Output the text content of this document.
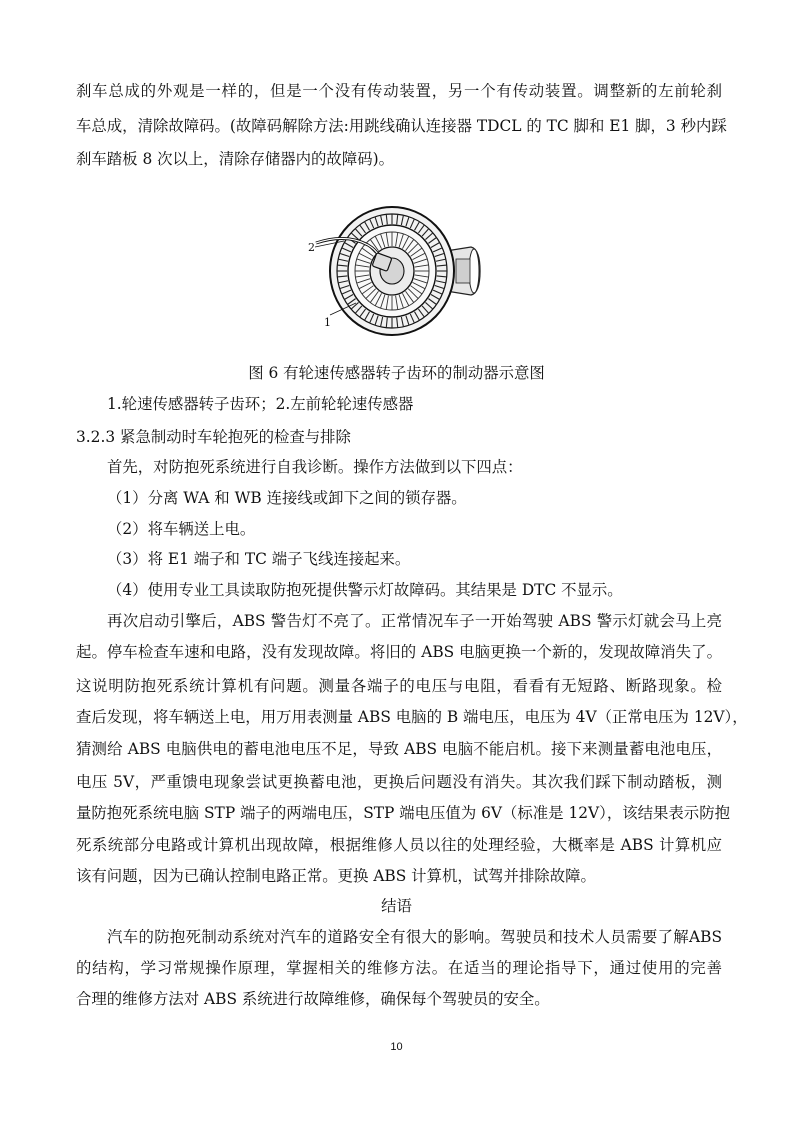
刹车总成的外观是一样的，但是一个没有传动装置，另一个有传动装置。调整新的左前轮刹
车总成，清除故障码。(故障码解除方法:用跳线确认连接器 TDCL 的 TC 脚和 E1 脚，3 秒内踩
刹车踏板 8 次以上，清除存储器内的故障码)。
2
1
图 6 有轮速传感器转子齿环的制动器示意图
1.轮速传感器转子齿环；2.左前轮轮速传感器
3.2.3 紧急制动时车轮抱死的检查与排除
首先，对防抱死系统进行自我诊断。操作方法做到以下四点：
（1）分离 WA 和 WB 连接线或卸下之间的锁存器。
（2）将车辆送上电。
（3）将 E1 端子和 TC 端子飞线连接起来。
（4）使用专业工具读取防抱死提供警示灯故障码。其结果是 DTC 不显示。
再次启动引擎后，ABS 警告灯不亮了。正常情况车子一开始驾驶 ABS 警示灯就会马上亮
起。停车检查车速和电路，没有发现故障。将旧的 ABS 电脑更换一个新的，发现故障消失了。
这说明防抱死系统计算机有问题。测量各端子的电压与电阻，看看有无短路、断路现象。检
查后发现，将车辆送上电，用万用表测量 ABS 电脑的 B 端电压，电压为 4V（正常电压为 12V），
猜测给 ABS 电脑供电的蓄电池电压不足，导致 ABS 电脑不能启机。接下来测量蓄电池电压，
电压 5V，严重馈电现象尝试更换蓄电池，更换后问题没有消失。其次我们踩下制动踏板，测
量防抱死系统电脑 STP 端子的两端电压，STP 端电压值为 6V（标准是 12V），该结果表示防抱
死系统部分电路或计算机出现故障，根据维修人员以往的处理经验，大概率是 ABS 计算机应
该有问题，因为已确认控制电路正常。更换 ABS 计算机，试驾并排除故障。
结语
汽车的防抱死制动系统对汽车的道路安全有很大的影响。驾驶员和技术人员需要了解ABS
的结构，学习常规操作原理，掌握相关的维修方法。在适当的理论指导下，通过使用的完善
合理的维修方法对 ABS 系统进行故障维修，确保每个驾驶员的安全。
10
